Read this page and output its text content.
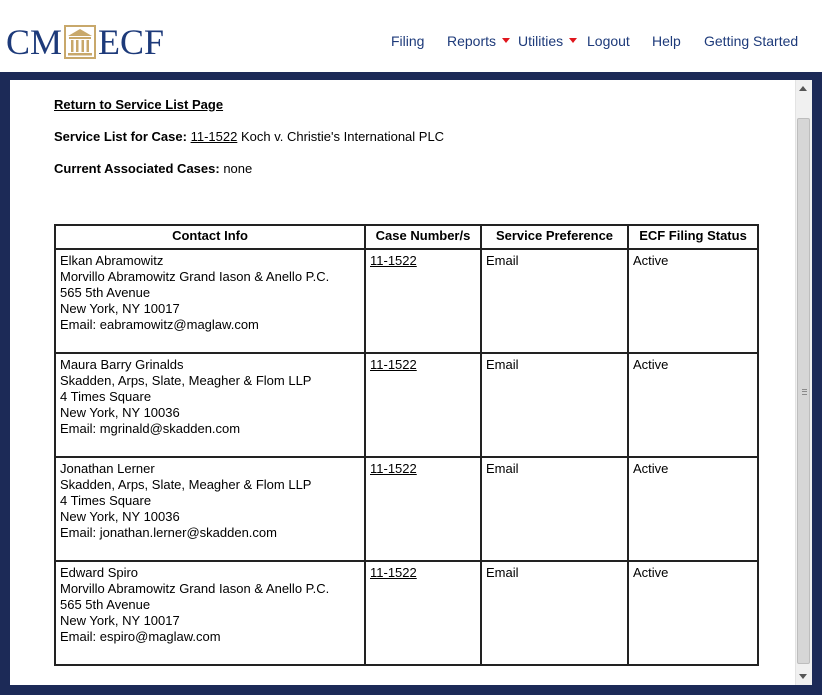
CM ECF	Filing Reports	Utilities	Logout Help Getting Started
Return to Service List Page
Service List for Case: 11-1522 Koch v. Christie's International PLC
Current Associated Cases: none
Contact Info	Case Number/s	Service Preference	ECF Filing Status

Elkan Abramowitz
Morvillo Abramowitz Grand Iason & Anello P.C.
565 5th Avenue
New York, NY 10017
Email: eabramowitz@maglaw.com	11-1522	Email	Active

Maura Barry Grinalds
Skadden, Arps, Slate, Meagher & Flom LLP
4 Times Square
New York, NY 10036
Email: mgrinald@skadden.com	11-1522	Email	Active

Jonathan Lerner
Skadden, Arps, Slate, Meagher & Flom LLP
4 Times Square
New York, NY 10036
Email: jonathan.lerner@skadden.com	11-1522	Email	Active

Edward Spiro
Morvillo Abramowitz Grand Iason & Anello P.C.
565 5th Avenue
New York, NY 10017
Email: espiro@maglaw.com	11-1522	Email	Active
